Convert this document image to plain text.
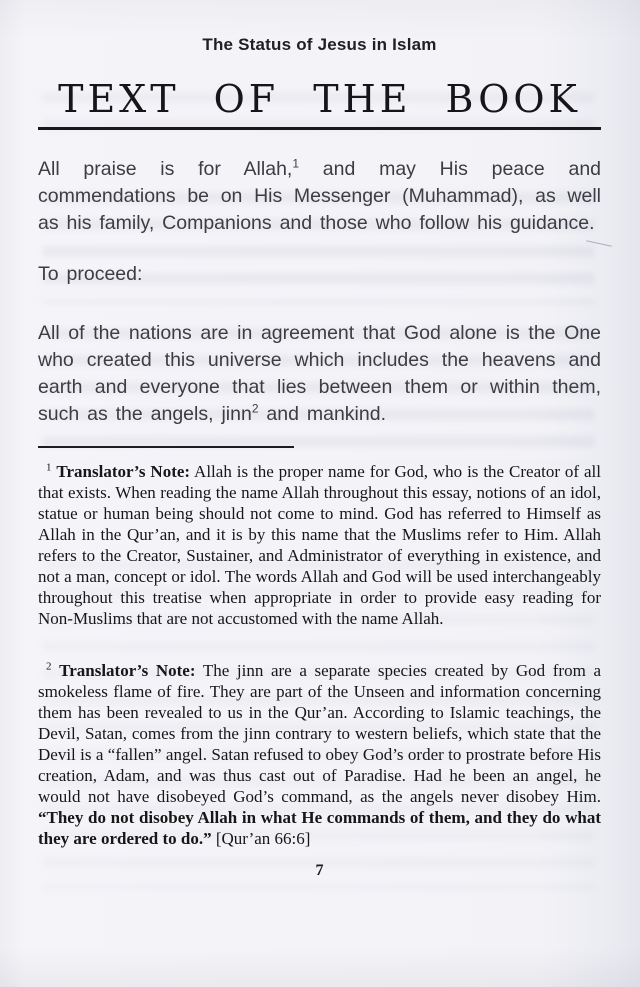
The Status of Jesus in Islam
TEXT OF THE BOOK

All praise is for Allah,$^1$ and may His peace and commendations be on His Messenger (Muhammad), as well as his family, Companions and those who follow his guidance.

To proceed:

All of the nations are in agreement that God alone is the One who created this universe which includes the heavens and earth and everyone that lies between them or within them, such as the angels, jinn$^2$ and mankind.

$^1$ Translator’s Note: Allah is the proper name for God, who is the Creator of all that exists. When reading the name Allah throughout this essay, notions of an idol, statue or human being should not come to mind. God has referred to Himself as Allah in the Qur’an, and it is by this name that the Muslims refer to Him. Allah refers to the Creator, Sustainer, and Administrator of everything in existence, and not a man, concept or idol. The words Allah and God will be used interchangeably throughout this treatise when appropriate in order to provide easy reading for Non-Muslims that are not accustomed with the name Allah.

$^2$ Translator’s Note: The jinn are a separate species created by God from a smokeless flame of fire. They are part of the Unseen and information concerning them has been revealed to us in the Qur’an. According to Islamic teachings, the Devil, Satan, comes from the jinn contrary to western beliefs, which state that the Devil is a “fallen” angel. Satan refused to obey God’s order to prostrate before His creation, Adam, and was thus cast out of Paradise. Had he been an angel, he would not have disobeyed God’s command, as the angels never disobey Him. “They do not disobey Allah in what He commands of them, and they do what they are ordered to do.” [Qur’an 66:6]

7
